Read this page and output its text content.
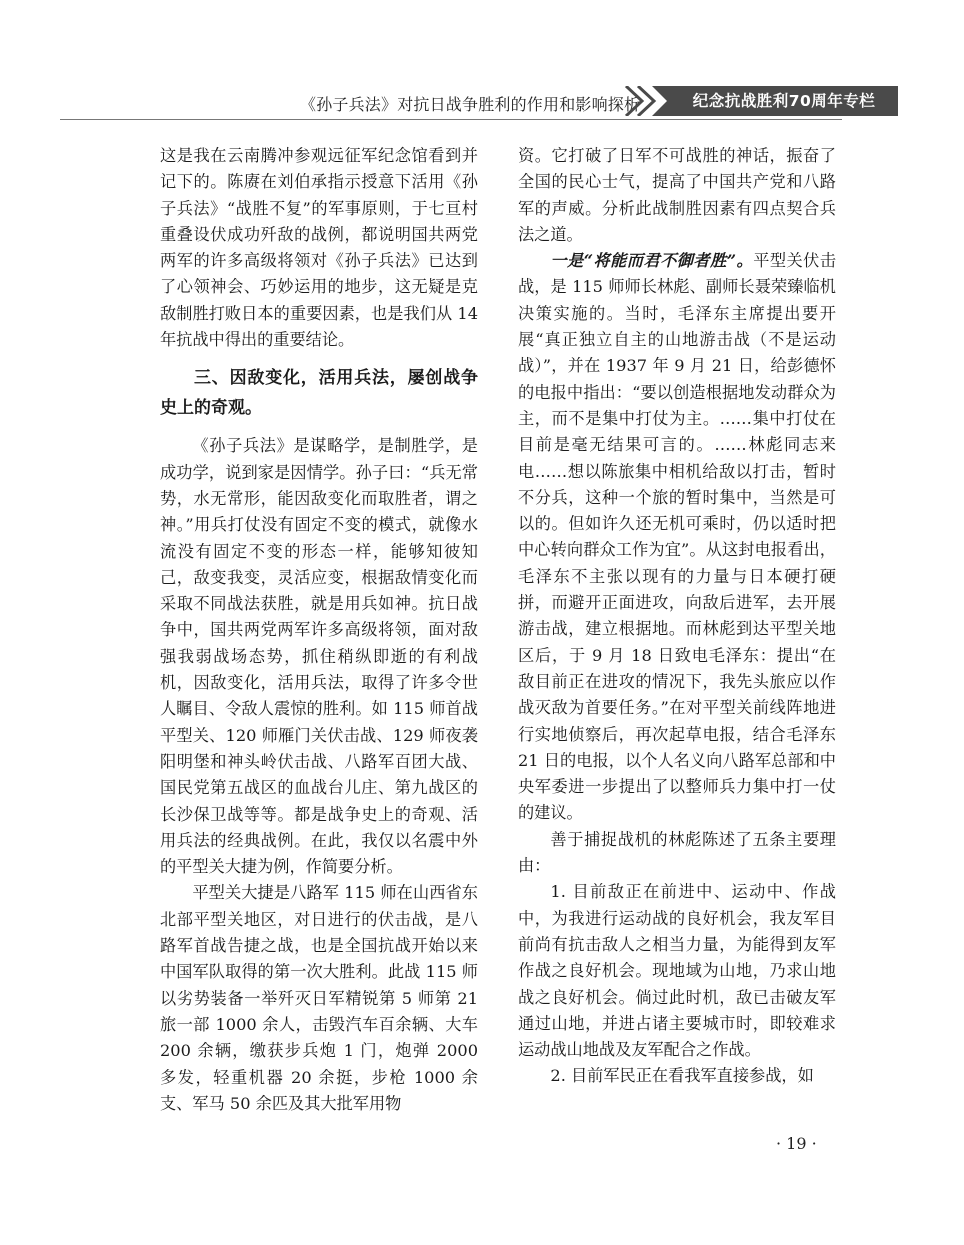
《孙子兵法》对抗日战争胜利的作用和影响探析	纪念抗战胜利70周年专栏

这是我在云南腾冲参观远征军纪念馆看到并记下的。陈赓在刘伯承指示授意下活用《孙子兵法》“战胜不复”的军事原则，于七亘村重叠设伏成功歼敌的战例，都说明国共两党两军的许多高级将领对《孙子兵法》已达到了心领神会、巧妙运用的地步，这无疑是克敌制胜打败日本的重要因素，也是我们从 14 年抗战中得出的重要结论。

三、因敌变化，活用兵法，屡创战争史上的奇观。

《孙子兵法》是谋略学，是制胜学，是成功学，说到家是因情学。孙子曰：“兵无常势，水无常形，能因敌变化而取胜者，谓之神。”用兵打仗没有固定不变的模式，就像水流没有固定不变的形态一样，能够知彼知己，敌变我变，灵活应变，根据敌情变化而采取不同战法获胜，就是用兵如神。抗日战争中，国共两党两军许多高级将领，面对敌强我弱战场态势，抓住稍纵即逝的有利战机，因敌变化，活用兵法，取得了许多令世人瞩目、令敌人震惊的胜利。如 115 师首战平型关、120 师雁门关伏击战、129 师夜袭阳明堡和神头岭伏击战、八路军百团大战、国民党第五战区的血战台儿庄、第九战区的长沙保卫战等等。都是战争史上的奇观、活用兵法的经典战例。在此，我仅以名震中外的平型关大捷为例，作简要分析。

平型关大捷是八路军 115 师在山西省东北部平型关地区，对日进行的伏击战，是八路军首战告捷之战，也是全国抗战开始以来中国军队取得的第一次大胜利。此战 115 师以劣势装备一举歼灭日军精锐第 5 师第 21 旅一部 1000 余人，击毁汽车百余辆、大车 200 余辆，缴获步兵炮 1 门，炮弹 2000 多发，轻重机器 20 余挺，步枪 1000 余支、军马 50 余匹及其大批军用物

资。它打破了日军不可战胜的神话，振奋了全国的民心士气，提高了中国共产党和八路军的声威。分析此战制胜因素有四点契合兵法之道。

一是“将能而君不御者胜”。平型关伏击战，是 115 师师长林彪、副师长聂荣臻临机决策实施的。当时，毛泽东主席提出要开展“真正独立自主的山地游击战（不是运动战）”，并在 1937 年 9 月 21 日，给彭德怀的电报中指出：“要以创造根据地发动群众为主，而不是集中打仗为主。……集中打仗在目前是毫无结果可言的。……林彪同志来电……想以陈旅集中相机给敌以打击，暂时不分兵，这种一个旅的暂时集中，当然是可以的。但如许久还无机可乘时，仍以适时把中心转向群众工作为宜”。从这封电报看出，毛泽东不主张以现有的力量与日本硬打硬拼，而避开正面进攻，向敌后进军，去开展游击战，建立根据地。而林彪到达平型关地区后，于 9 月 18 日致电毛泽东：提出“在敌目前正在进攻的情况下，我先头旅应以作战灭敌为首要任务。”在对平型关前线阵地进行实地侦察后，再次起草电报，结合毛泽东 21 日的电报，以个人名义向八路军总部和中央军委进一步提出了以整师兵力集中打一仗的建议。

善于捕捉战机的林彪陈述了五条主要理由：

1. 目前敌正在前进中、运动中、作战中，为我进行运动战的良好机会，我友军目前尚有抗击敌人之相当力量，为能得到友军作战之良好机会。现地域为山地，乃求山地战之良好机会。倘过此时机，敌已击破友军通过山地，并进占诸主要城市时，即较难求运动战山地战及友军配合之作战。

2. 目前军民正在看我军直接参战，如

· 19 ·
